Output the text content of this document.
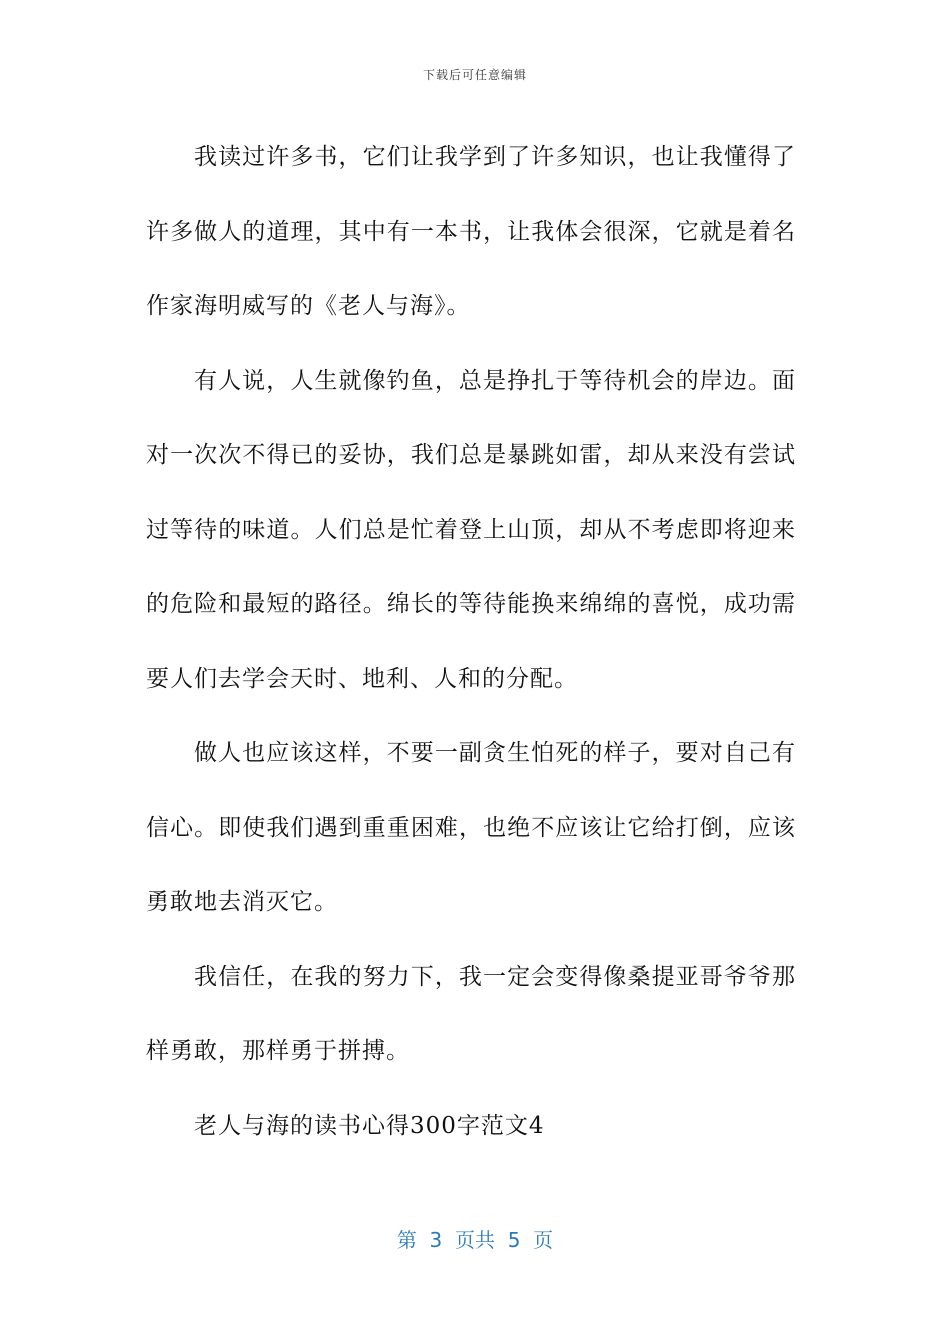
下载后可任意编辑
我读过许多书，它们让我学到了许多知识，也让我懂得了
许多做人的道理，其中有一本书，让我体会很深，它就是着名
作家海明威写的《老人与海》。
有人说，人生就像钓鱼，总是挣扎于等待机会的岸边。面
对一次次不得已的妥协，我们总是暴跳如雷，却从来没有尝试
过等待的味道。人们总是忙着登上山顶，却从不考虑即将迎来
的危险和最短的路径。绵长的等待能换来绵绵的喜悦，成功需
要人们去学会天时、地利、人和的分配。
做人也应该这样，不要一副贪生怕死的样子，要对自己有
信心。即使我们遇到重重困难，也绝不应该让它给打倒，应该
勇敢地去消灭它。
我信任，在我的努力下，我一定会变得像桑提亚哥爷爷那
样勇敢，那样勇于拼搏。
老人与海的读书心得300字范文4
第  3  页共  5  页
